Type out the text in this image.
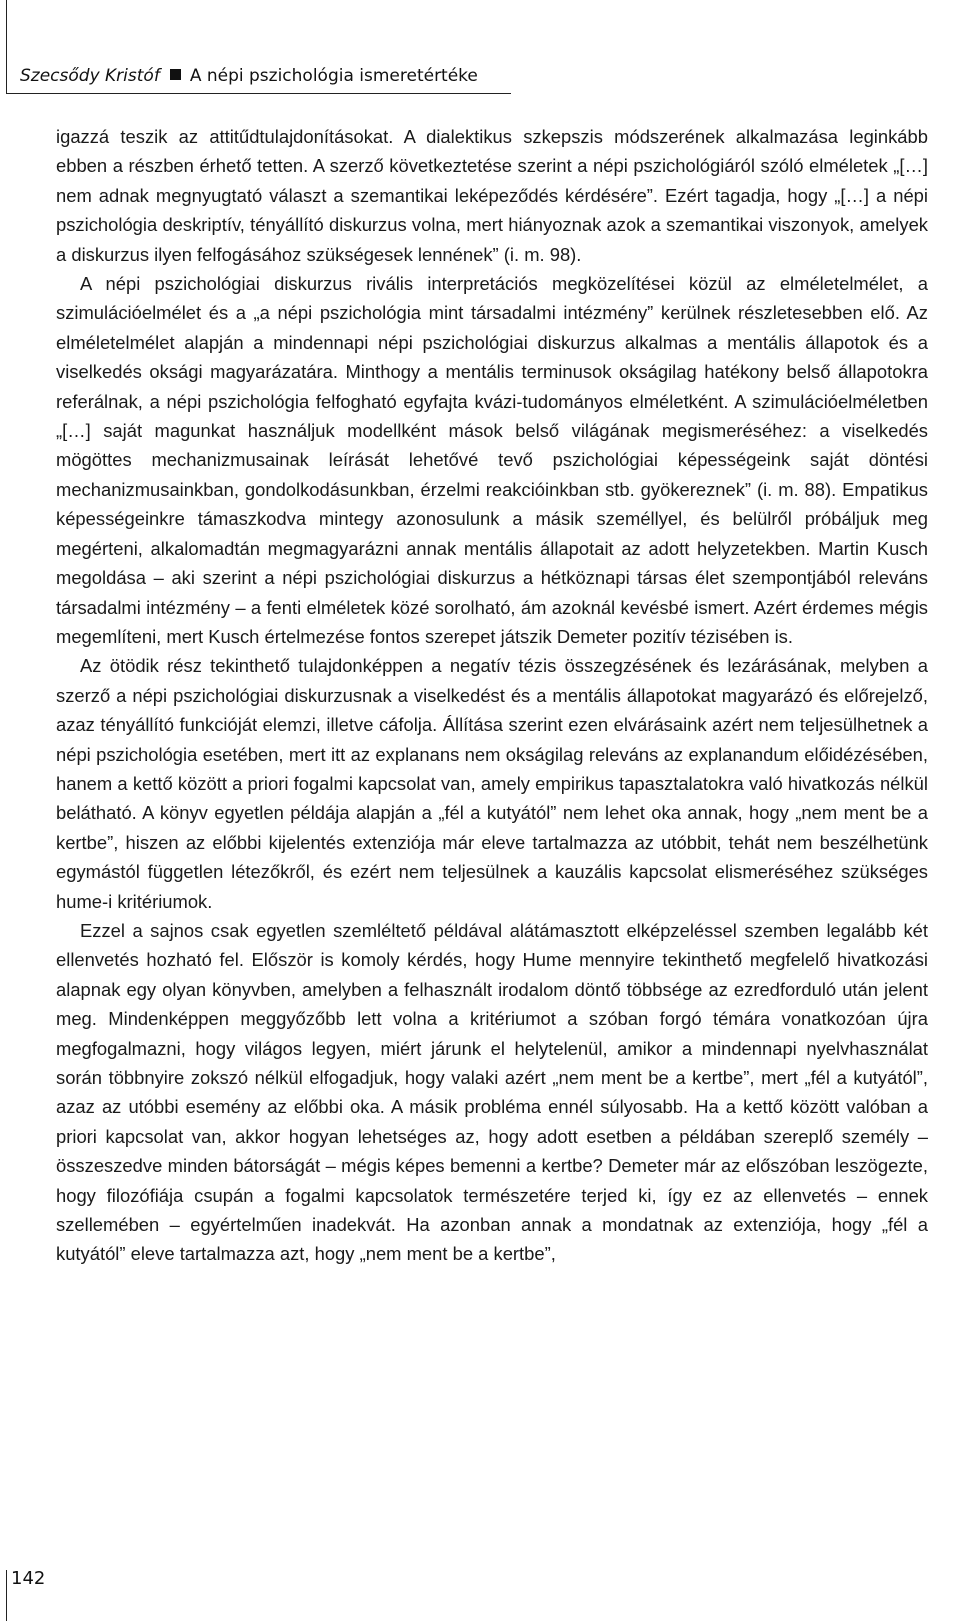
Szecsődy Kristóf A népi pszichológia ismeretértéke

igazzá teszik az attitűdtulajdonításokat. A dialektikus szkepszis módszerének alkalmazása leginkább ebben a részben érhető tetten. A szerző következtetése szerint a népi pszichológiáról szóló elméletek „[…] nem adnak megnyugtató választ a szemantikai leképeződés kérdésére”. Ezért tagadja, hogy „[…] a népi pszichológia deskriptív, tényállító diskurzus volna, mert hiányoznak azok a szemantikai viszonyok, amelyek a diskurzus ilyen felfogásához szükségesek lennének” (i. m. 98).

A népi pszichológiai diskurzus rivális interpretációs megközelítései közül az elméletelmélet, a szimulációelmélet és a „a népi pszichológia mint társadalmi intézmény” kerülnek részletesebben elő. Az elméletelmélet alapján a mindennapi népi pszichológiai diskurzus alkalmas a mentális állapotok és a viselkedés oksági magyarázatára. Minthogy a mentális terminusok okságilag hatékony belső állapotokra referálnak, a népi pszichológia felfogható egyfajta kvázi-tudományos elméletként. A szimulációelméletben „[…] saját magunkat használjuk modellként mások belső világának megismeréséhez: a viselkedés mögöttes mechanizmusainak leírását lehetővé tevő pszichológiai képességeink saját döntési mechanizmusainkban, gondolkodásunkban, érzelmi reakcióinkban stb. gyökereznek” (i. m. 88). Empatikus képességeinkre támaszkodva mintegy azonosulunk a másik személlyel, és belülről próbáljuk meg megérteni, alkalomadtán megmagyarázni annak mentális állapotait az adott helyzetekben. Martin Kusch megoldása – aki szerint a népi pszichológiai diskurzus a hétköznapi társas élet szempontjából releváns társadalmi intézmény – a fenti elméletek közé sorolható, ám azoknál kevésbé ismert. Azért érdemes mégis megemlíteni, mert Kusch értelmezése fontos szerepet játszik Demeter pozitív tézisében is.

Az ötödik rész tekinthető tulajdonképpen a negatív tézis összegzésének és lezárásának, melyben a szerző a népi pszichológiai diskurzusnak a viselkedést és a mentális állapotokat magyarázó és előrejelző, azaz tényállító funkcióját elemzi, illetve cáfolja. Állítása szerint ezen elvárásaink azért nem teljesülhetnek a népi pszichológia esetében, mert itt az explanans nem okságilag releváns az explanandum előidézésében, hanem a kettő között a priori fogalmi kapcsolat van, amely empirikus tapasztalatokra való hivatkozás nélkül belátható. A könyv egyetlen példája alapján a „fél a kutyától” nem lehet oka annak, hogy „nem ment be a kertbe”, hiszen az előbbi kijelentés extenziója már eleve tartalmazza az utóbbit, tehát nem beszélhetünk egymástól független létezőkről, és ezért nem teljesülnek a kauzális kapcsolat elismeréséhez szükséges hume-i kritériumok.

Ezzel a sajnos csak egyetlen szemléltető példával alátámasztott elképzeléssel szemben legalább két ellenvetés hozható fel. Először is komoly kérdés, hogy Hume mennyire tekinthető megfelelő hivatkozási alapnak egy olyan könyvben, amelyben a felhasznált irodalom döntő többsége az ezredforduló után jelent meg. Mindenképpen meggyőzőbb lett volna a kritériumot a szóban forgó témára vonatkozóan újra megfogalmazni, hogy világos legyen, miért járunk el helytelenül, amikor a mindennapi nyelvhasználat során többnyire zokszó nélkül elfogadjuk, hogy valaki azért „nem ment be a kertbe”, mert „fél a kutyától”, azaz az utóbbi esemény az előbbi oka. A másik probléma ennél súlyosabb. Ha a kettő között valóban a priori kapcsolat van, akkor hogyan lehetséges az, hogy adott esetben a példában szereplő személy – összeszedve minden bátorságát – mégis képes bemenni a kertbe? Demeter már az előszóban leszögezte, hogy filozófiája csupán a fogalmi kapcsolatok természetére terjed ki, így ez az ellenvetés – ennek szellemében – egyértelműen inadekvát. Ha azonban annak a mondatnak az extenziója, hogy „fél a kutyától” eleve tartalmazza azt, hogy „nem ment be a kertbe”,

142
